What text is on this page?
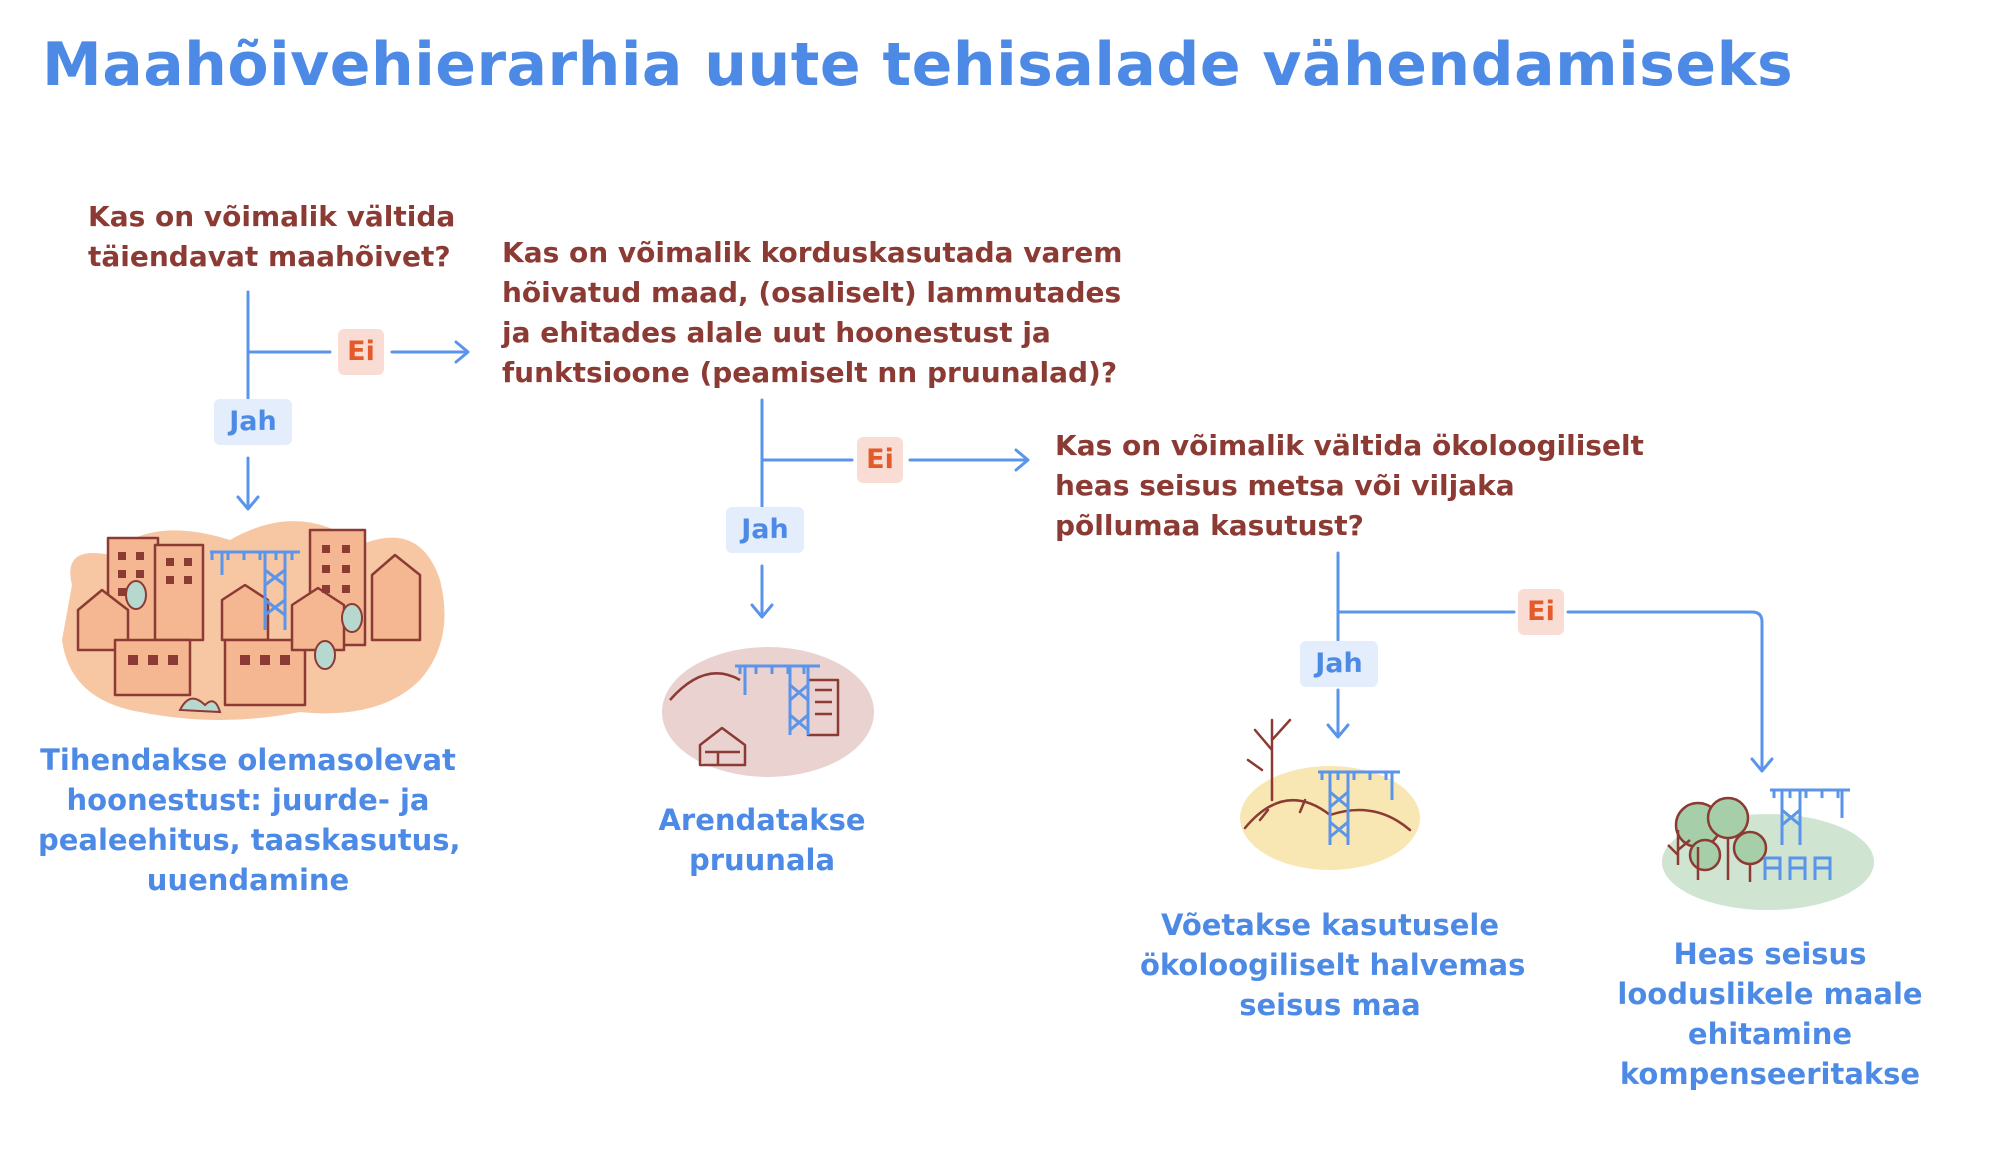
Maahõivehierarhia uute tehisalade vähendamiseks
Kas on võimalik vältida
täiendavat maahõivet? Kas on võimalik korduskasutada varem
hõivatud maad, (osaliselt) lammutades
ja ehitades alale uut hoonestust ja
funktsioone (peamiselt nn pruunalad)?
Kas on võimalik vältida ökoloogiliselt
heas seisus metsa või viljaka
põllumaa kasutust?
Ei
Jah
Ei
Jah
Ei
Jah
Tihendakse olemasolevat
hoonestust: juurde- ja
pealeehitus, taaskasutus,
uuendamine
Arendatakse
pruunala
Võetakse kasutusele
ökoloogiliselt halvemas
seisus maa
Heas seisus
looduslikele maale
ehitamine
kompenseeritakse
